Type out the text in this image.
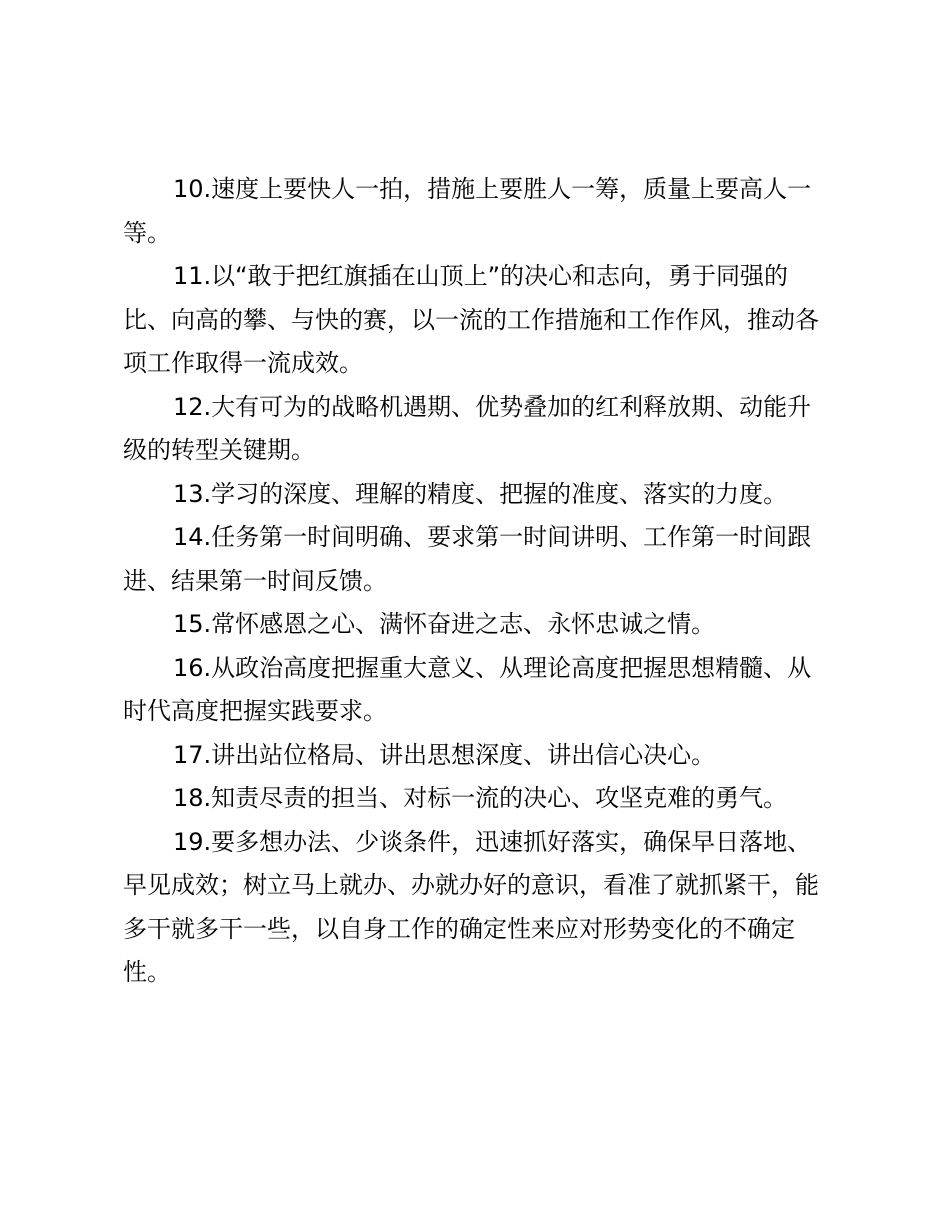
10.速度上要快人一拍，措施上要胜人一筹，质量上要高人一等。

11.以“敢于把红旗插在山顶上”的决心和志向，勇于同强的比、向高的攀、与快的赛，以一流的工作措施和工作作风，推动各项工作取得一流成效。

12.大有可为的战略机遇期、优势叠加的红利释放期、动能升级的转型关键期。

13.学习的深度、理解的精度、把握的准度、落实的力度。

14.任务第一时间明确、要求第一时间讲明、工作第一时间跟进、结果第一时间反馈。

15.常怀感恩之心、满怀奋进之志、永怀忠诚之情。

16.从政治高度把握重大意义、从理论高度把握思想精髓、从时代高度把握实践要求。

17.讲出站位格局、讲出思想深度、讲出信心决心。

18.知责尽责的担当、对标一流的决心、攻坚克难的勇气。

19.要多想办法、少谈条件，迅速抓好落实，确保早日落地、早见成效；树立马上就办、办就办好的意识，看准了就抓紧干，能多干就多干一些，以自身工作的确定性来应对形势变化的不确定性。
